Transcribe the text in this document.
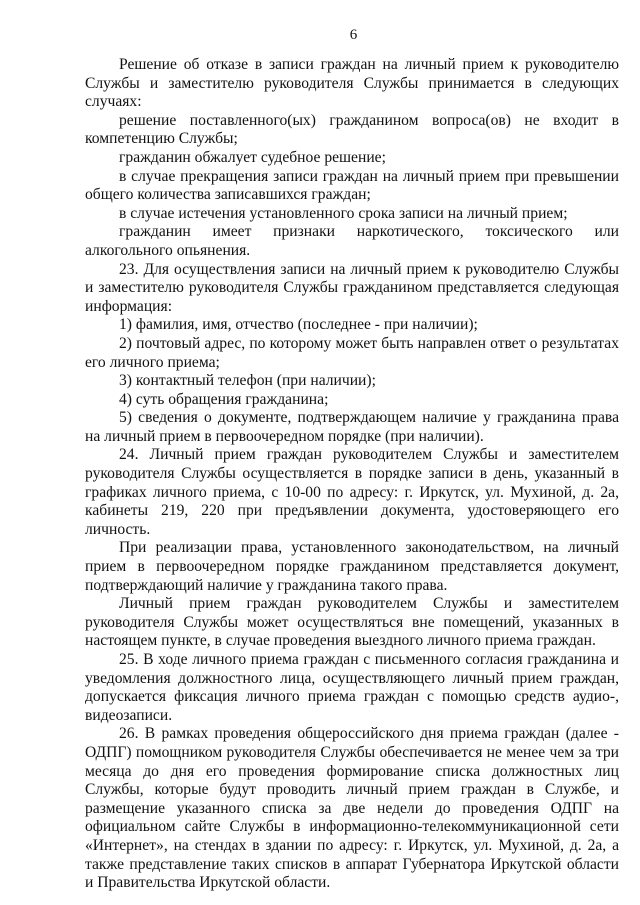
6

Решение об отказе в записи граждан на личный прием к руководителю Службы и заместителю руководителя Службы принимается в следующих случаях:

решение поставленного(ых) гражданином вопроса(ов) не входит в компетенцию Службы;

гражданин обжалует судебное решение;

в случае прекращения записи граждан на личный прием при превышении общего количества записавшихся граждан;

в случае истечения установленного срока записи на личный прием;

гражданин имеет признаки наркотического, токсического или алкогольного опьянения.

23. Для осуществления записи на личный прием к руководителю Службы и заместителю руководителя Службы гражданином представляется следующая информация:

1) фамилия, имя, отчество (последнее - при наличии);

2) почтовый адрес, по которому может быть направлен ответ о результатах его личного приема;

3) контактный телефон (при наличии);

4) суть обращения гражданина;

5) сведения о документе, подтверждающем наличие у гражданина права на личный прием в первоочередном порядке (при наличии).

24. Личный прием граждан руководителем Службы и заместителем руководителя Службы осуществляется в порядке записи в день, указанный в графиках личного приема, с 10-00 по адресу: г. Иркутск, ул. Мухиной, д. 2а, кабинеты 219, 220 при предъявлении документа, удостоверяющего его личность.

При реализации права, установленного законодательством, на личный прием в первоочередном порядке гражданином представляется документ, подтверждающий наличие у гражданина такого права.

Личный прием граждан руководителем Службы и заместителем руководителя Службы может осуществляться вне помещений, указанных в настоящем пункте, в случае проведения выездного личного приема граждан.

25. В ходе личного приема граждан с письменного согласия гражданина и уведомления должностного лица, осуществляющего личный прием граждан, допускается фиксация личного приема граждан с помощью средств аудио-, видеозаписи.

26. В рамках проведения общероссийского дня приема граждан (далее - ОДПГ) помощником руководителя Службы обеспечивается не менее чем за три месяца до дня его проведения формирование списка должностных лиц Службы, которые будут проводить личный прием граждан в Службе, и размещение указанного списка за две недели до проведения ОДПГ на официальном сайте Службы в информационно-телекоммуникационной сети «Интернет», на стендах в здании по адресу: г. Иркутск, ул. Мухиной, д. 2а, а также представление таких списков в аппарат Губернатора Иркутской области и Правительства Иркутской области.
